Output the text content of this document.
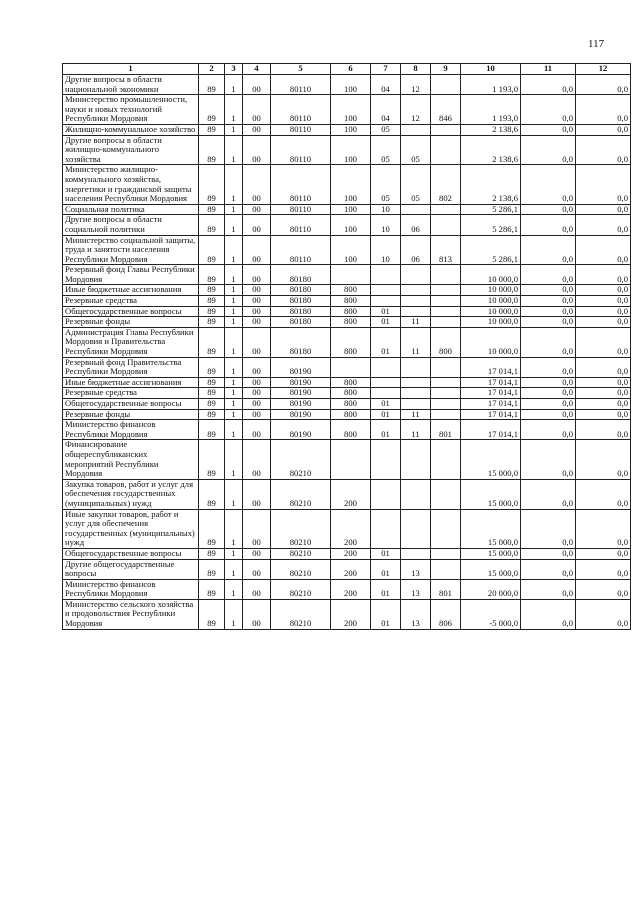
117
1	2	3	4	5	6	7	8	9	10	11	12
Другие вопросы в области национальной экономики	89	1	00	80110	100	04	12		1 193,0	0,0	0,0
Министерство промышленности, науки и новых технологий Республики Мордовия	89	1	00	80110	100	04	12	846	1 193,0	0,0	0,0
Жилищно-коммунальное хозяйство	89	1	00	80110	100	05			2 138,6	0,0	0,0
Другие вопросы в области жилищно-коммунального хозяйства	89	1	00	80110	100	05	05		2 138,6	0,0	0,0
Министерство жилищно-коммунального хозяйства, энергетики и гражданской защиты населения Республики Мордовия	89	1	00	80110	100	05	05	802	2 138,6	0,0	0,0
Социальная политика	89	1	00	80110	100	10			5 286,1	0,0	0,0
Другие вопросы в области социальной политики	89	1	00	80110	100	10	06		5 286,1	0,0	0,0
Министерство социальной защиты, труда и занятости населения Республики Мордовия	89	1	00	80110	100	10	06	813	5 286,1	0,0	0,0
Резервный фонд Главы Республики Мордовия	89	1	00	80180					10 000,0	0,0	0,0
Иные бюджетные ассигнования	89	1	00	80180	800				10 000,0	0,0	0,0
Резервные средства	89	1	00	80180	800				10 000,0	0,0	0,0
Общегосударственные вопросы	89	1	00	80180	800	01			10 000,0	0,0	0,0
Резервные фонды	89	1	00	80180	800	01	11		10 000,0	0,0	0,0
Администрация Главы Республики Мордовия и Правительства Республики Мордовия	89	1	00	80180	800	01	11	800	10 000,0	0,0	0,0
Резервный фонд Правительства Республики Мордовия	89	1	00	80190					17 014,1	0,0	0,0
Иные бюджетные ассигнования	89	1	00	80190	800				17 014,1	0,0	0,0
Резервные средства	89	1	00	80190	800				17 014,1	0,0	0,0
Общегосударственные вопросы	89	1	00	80190	800	01			17 014,1	0,0	0,0
Резервные фонды	89	1	00	80190	800	01	11		17 014,1	0,0	0,0
Министерство финансов Республики Мордовия	89	1	00	80190	800	01	11	801	17 014,1	0,0	0,0
Финансирование общереспубликанских мероприятий Республики Мордовия	89	1	00	80210					15 000,0	0,0	0,0
Закупка товаров, работ и услуг для обеспечения государственных (муниципальных) нужд	89	1	00	80210	200				15 000,0	0,0	0,0
Иные закупки товаров, работ и услуг для обеспечения государственных (муниципальных) нужд	89	1	00	80210	200				15 000,0	0,0	0,0
Общегосударственные вопросы	89	1	00	80210	200	01			15 000,0	0,0	0,0
Другие общегосударственные вопросы	89	1	00	80210	200	01	13		15 000,0	0,0	0,0
Министерство финансов Республики Мордовия	89	1	00	80210	200	01	13	801	20 000,0	0,0	0,0
Министерство сельского хозяйства и продовольствия Республики Мордовия	89	1	00	80210	200	01	13	806	-5 000,0	0,0	0,0
